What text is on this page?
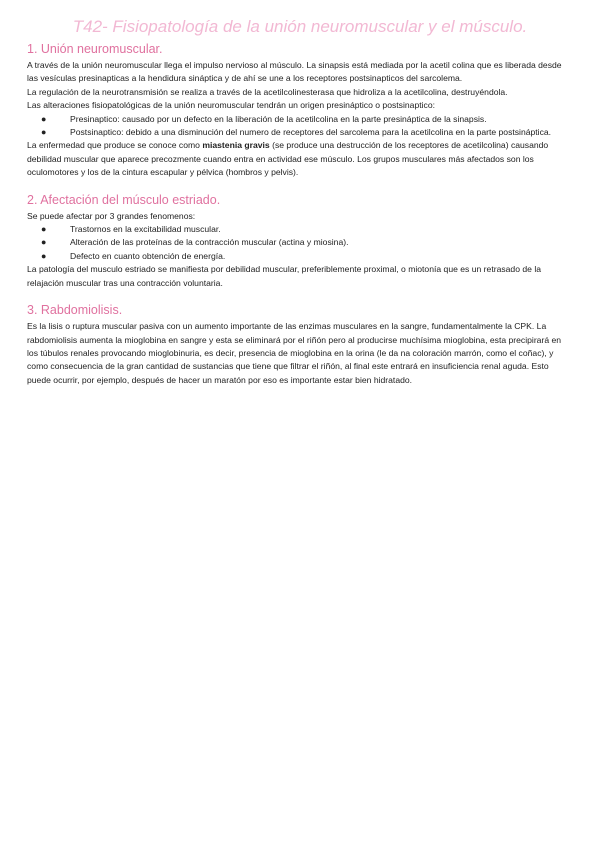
T42- Fisiopatología de la unión neuromuscular y el músculo.
1. Unión neuromuscular.

A través de la unión neuromuscular llega el impulso nervioso al músculo. La sinapsis está mediada por la acetil colina que es liberada desde las vesículas presinapticas a la hendidura sináptica y de ahí se une a los receptores postsinapticos del sarcolema.

La regulación de la neurotransmisión se realiza a través de la acetilcolinesterasa que hidroliza a la acetilcolina, destruyéndola.

Las alteraciones fisiopatológicas de la unión neuromuscular tendrán un origen presináptico o postsinaptico:

●	Presinaptico: causado por un defecto en la liberación de la acetilcolina en la parte presináptica de la sinapsis.
●	Postsinaptico: debido a una disminución del numero de receptores del sarcolema para la acetilcolina en la parte postsináptica.

La enfermedad que produce se conoce como miastenia gravis (se produce una destrucción de los receptores de acetilcolina) causando debilidad muscular que aparece precozmente cuando entra en actividad ese músculo. Los grupos musculares más afectados son los oculomotores y los de la cintura escapular y pélvica (hombros y pelvis).

2. Afectación del músculo estriado.

Se puede afectar por 3 grandes fenomenos:

●	Trastornos en la excitabilidad muscular.
●	Alteración de las proteínas de la contracción muscular (actina y miosina).
●	Defecto en cuanto obtención de energía.

La patología del musculo estriado se manifiesta por debilidad muscular, preferiblemente proximal, o miotonía que es un retrasado de la relajación muscular tras una contracción voluntaria.

3. Rabdomiolisis.

Es la lisis o ruptura muscular pasiva con un aumento importante de las enzimas musculares en la sangre, fundamentalmente la CPK. La rabdomiolisis aumenta la mioglobina en sangre y esta se eliminará por el riñón pero al producirse muchísima mioglobina, esta precipirará en los túbulos renales provocando mioglobinuria, es decir, presencia de mioglobina en la orina (le da na coloración marrón, como el coñac), y como consecuencia de la gran cantidad de sustancias que tiene que filtrar el riñón, al final este entrará en insuficiencia renal aguda. Esto puede ocurrir, por ejemplo, después de hacer un maratón por eso es importante estar bien hidratado.
